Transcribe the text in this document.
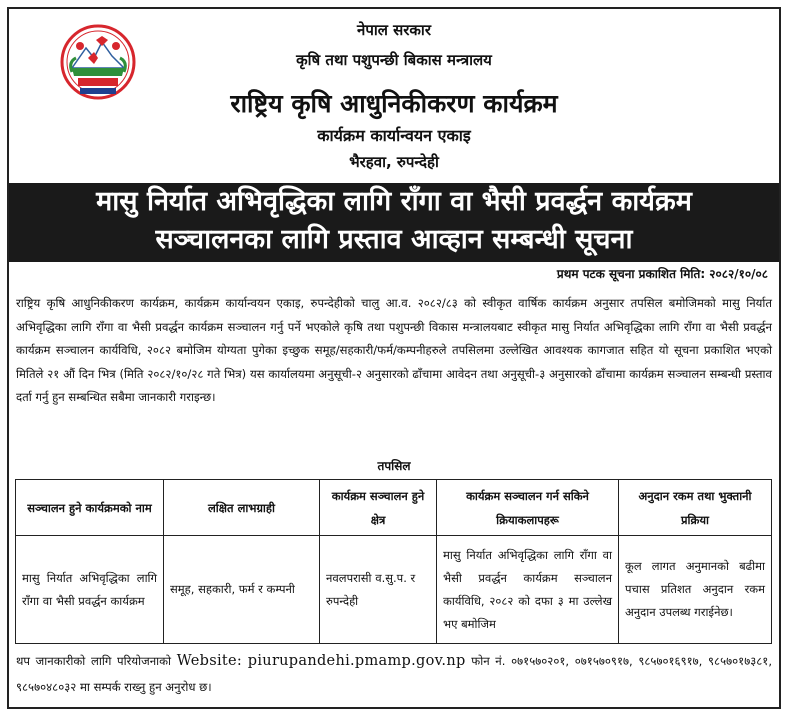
नेपाल सरकार
कृषि तथा पशुपन्छी बिकास मन्त्रालय
राष्ट्रिय कृषि आधुनिकीकरण कार्यक्रम
कार्यक्रम कार्यान्वयन एकाइ
भैरहवा, रुपन्देही
मासु निर्यात अभिवृद्धिका लागि राँगा वा भैसी प्रवर्द्धन कार्यक्रम
सञ्चालनका लागि प्रस्ताव आव्हान सम्बन्धी सूचना
प्रथम पटक सूचना प्रकाशित मिति: २०८२/१०/०८
राष्ट्रिय कृषि आधुनिकीकरण कार्यक्रम, कार्यक्रम कार्यान्वयन एकाइ, रुपन्देहीको चालु आ.व. २०८२/८३ को स्वीकृत वार्षिक कार्यक्रम अनुसार तपसिल बमोजिमको मासु निर्यात अभिवृद्धिका लागि राँगा वा भैसी प्रवर्द्धन कार्यक्रम सञ्चालन गर्नु पर्ने भएकोले कृषि तथा पशुपन्छी विकास मन्त्रालयबाट स्वीकृत मासु निर्यात अभिवृद्धिका लागि राँगा वा भैसी प्रवर्द्धन कार्यक्रम सञ्चालन कार्यविधि, २०८२ बमोजिम योग्यता पुगेका इच्छुक समूह/सहकारी/फर्म/कम्पनीहरुले तपसिलमा उल्लेखित आवश्यक कागजात सहित यो सूचना प्रकाशित भएको मितिले २१ औं दिन भित्र (मिति २०८२/१०/२८ गते भित्र) यस कार्यालयमा अनुसूची-२ अनुसारको ढाँचामा आवेदन तथा अनुसूची-३ अनुसारको ढाँचामा कार्यक्रम सञ्चालन सम्बन्धी प्रस्ताव दर्ता गर्नु हुन सम्बन्धित सबैमा जानकारी गराइन्छ।
तपसिल
सञ्चालन हुने कार्यक्रमको नाम	लक्षित लाभग्राही	कार्यक्रम सञ्चालन हुने क्षेत्र	कार्यक्रम सञ्चालन गर्न सकिने क्रियाकलापहरू	अनुदान रकम तथा भुक्तानी प्रक्रिया
मासु निर्यात अभिवृद्धिका लागि राँगा वा भैसी प्रवर्द्धन कार्यक्रम	समूह, सहकारी, फर्म र कम्पनी	नवलपरासी व.सु.प. र रुपन्देही	मासु निर्यात अभिवृद्धिका लागि राँगा वा भैसी प्रवर्द्धन कार्यक्रम सञ्चालन कार्यविधि, २०८२ को दफा ३ मा उल्लेख भए बमोजिम	कूल लागत अनुमानको बढीमा पचास प्रतिशत अनुदान रकम अनुदान उपलब्ध गराईनेछ।
थप जानकारीको लागि परियोजनाको Website: piurupandehi.pmamp.gov.np फोन नं. ०७१५७०२०१, ०७१५७०९१७, ९८५७०१६९१७, ९८५७०१७३८१, ९८५७०४८०३२ मा सम्पर्क राख्नु हुन अनुरोध छ।
